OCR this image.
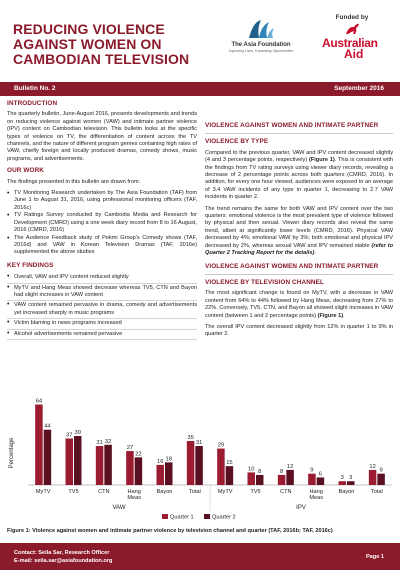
REDUCING VIOLENCE AGAINST WOMEN ON CAMBODIAN TELEVISION
The Asia Foundation
Improving Lives, Expanding Opportunities
Funded by
Australian
Aid
Bulletin No. 2	September 2016
INTRODUCTION

The quarterly bulletin, June-August 2016, presents developments and trends on reducing violence against women (VAW) and intimate partner violence (IPV) content on Cambodian television. This bulletin looks at the specific types of violence on TV, the differentiation of content across the TV channels, and the nature of different program genres containing high rates of VAW, chiefly foreign and locally produced dramas, comedy shows, music programs, and advertisements.

OUR WORK

The findings presented in this bulletin are drawn from:

• TV Monitoring Research undertaken by The Asia Foundation (TAF) from June 1 to August 31, 2016, using professional monitoring officers (TAF, 2016c)
• TV Ratings Survey conducted by Cambodia Media and Research for Development (CMRD) using a one week diary record from 8 to 16 August, 2016 (CMRD, 2016)
• The Audience Feedback study of Pekmi Group's Comedy shows (TAF, 2016d) and VAW in Korean Television Dramas (TAF, 2016e) supplemented the above studies
KEY FINDINGS
• Overall, VAW and IPV content reduced slightly
• MyTV and Hang Meas showed decrease whereas TV5, CTN and Bayon had slight increases in VAW content
• VAW content remained pervasive in drama, comedy and advertisements yet increased sharply in music programs
• Victim blaming in news programs increased
• Alcohol advertisements remained pervasive
VIOLENCE AGAINST WOMEN AND INTIMATE PARTNER
VIOLENCE BY TYPE

Compared to the previous quarter, VAW and IPV content decreased slightly (4 and 3 percentage points, respectively) (Figure 1). This is consistent with the findings from TV rating surveys using viewer diary records, revealing a decrease of 2 percentage points across both quarters (CMRD, 2016). In addition, for every one hour viewed, audiences were exposed to an average of 3.4 VAW incidents of any type in quarter 1, decreasing to 2.7 VAW incidents in quarter 2.

The trend remains the same for both VAW and IPV content over the two quarters: emotional violence is the most prevalent type of violence followed by physical and then sexual. Viewer diary records also reveal the same trend, albeit at significantly lower levels (CMRD, 2016). Physical VAW decreased by 4%; emotional VAW by 3%; both emotional and physical IPV decreased by 2%, whereas sexual VAW and IPV remained stable (refer to Quarter 2 Tracking Report for the details).

VIOLENCE AGAINST WOMEN AND INTIMATE PARTNER
VIOLENCE BY TELEVISION CHANNEL

The most significant change is found on MyTV, with a decrease in VAW content from 64% to 44% followed by Hang Meas, decreasing from 27% to 22%. Conversely, TV5, CTN, and Bayon all showed slight increases in VAW content (between 1 and 2 percentage points) (Figure 1).

The overall IPV content decreased slightly from 12% in quarter 1 to 9% in quarter 2.

Percentage
64
44
MyTV
37 39
TV5
31 32
CTN
27
22
Hang
Meas
16 18
Bayon
35
31
Total
VAW
29
15
MyTV
10 8
TV5
8
12
CTN
9
6
Hang
Meas
3 3
Bayon
12
9
Total
IPV
Quarter 1	Quarter 2
Figure 1: Violence against women and intimate partner violence by television channel and quarter (TAF, 2016b; TAF, 2016c)
Contact: Seila Sar, Research Officer
E-mail: seila.sar@asiafoundation.org
Page 1
